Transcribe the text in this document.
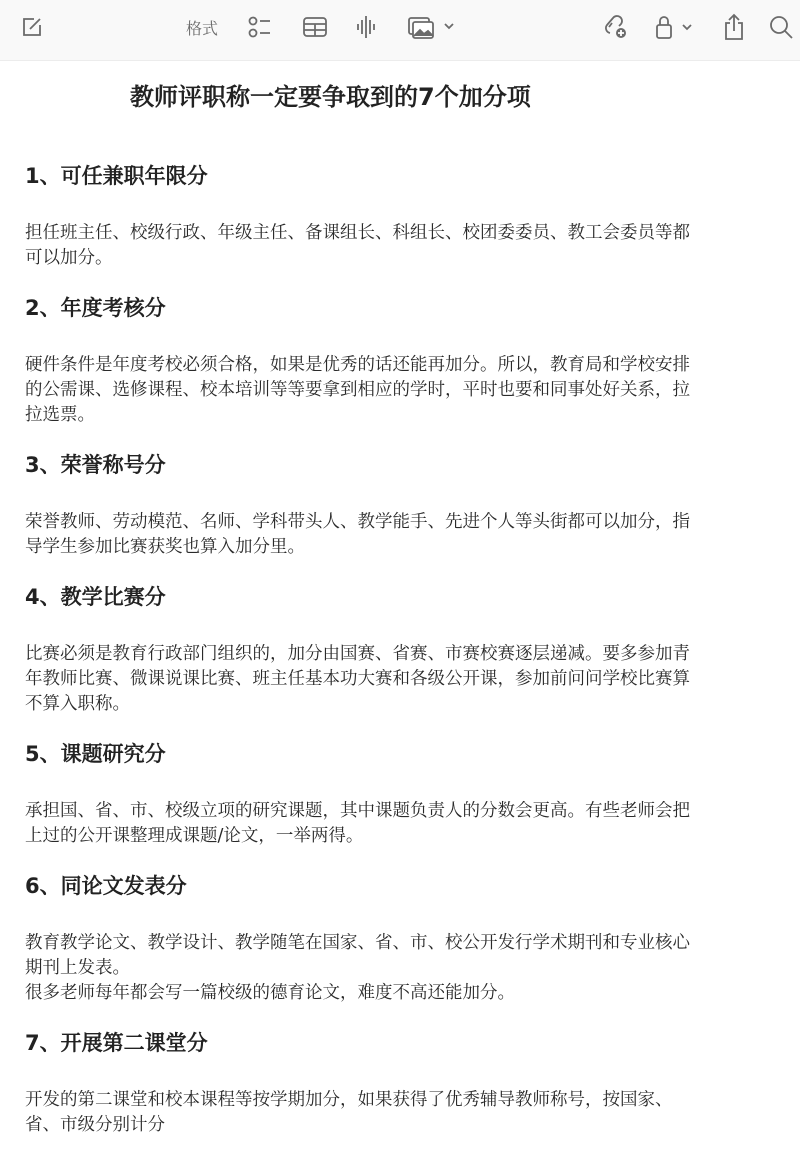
格式
教师评职称一定要争取到的7个加分项
1、可任兼职年限分
担任班主任、校级行政、年级主任、备课组长、科组长、校团委委员、教工会委员等都
可以加分。
2、年度考核分
硬件条件是年度考校必须合格，如果是优秀的话还能再加分。所以，教育局和学校安排
的公需课、选修课程、校本培训等等要拿到相应的学时，平时也要和同事处好关系，拉
拉选票。
3、荣誉称号分
荣誉教师、劳动模范、名师、学科带头人、教学能手、先进个人等头街都可以加分，指
导学生参加比赛获奖也算入加分里。
4、教学比赛分
比赛必须是教育行政部门组织的，加分由国赛、省赛、市赛校赛逐层递减。要多参加青
年教师比赛、微课说课比赛、班主任基本功大赛和各级公开课，参加前问问学校比赛算
不算入职称。
5、课题研究分
承担国、省、市、校级立项的研究课题，其中课题负责人的分数会更高。有些老师会把
上过的公开课整理成课题/论文，一举两得。
6、同论文发表分
教育教学论文、教学设计、教学随笔在国家、省、市、校公开发行学术期刊和专业核心
期刊上发表。
很多老师每年都会写一篇校级的德育论文，难度不高还能加分。
7、开展第二课堂分
开发的第二课堂和校本课程等按学期加分，如果获得了优秀辅导教师称号，按国家、
省、市级分别计分
